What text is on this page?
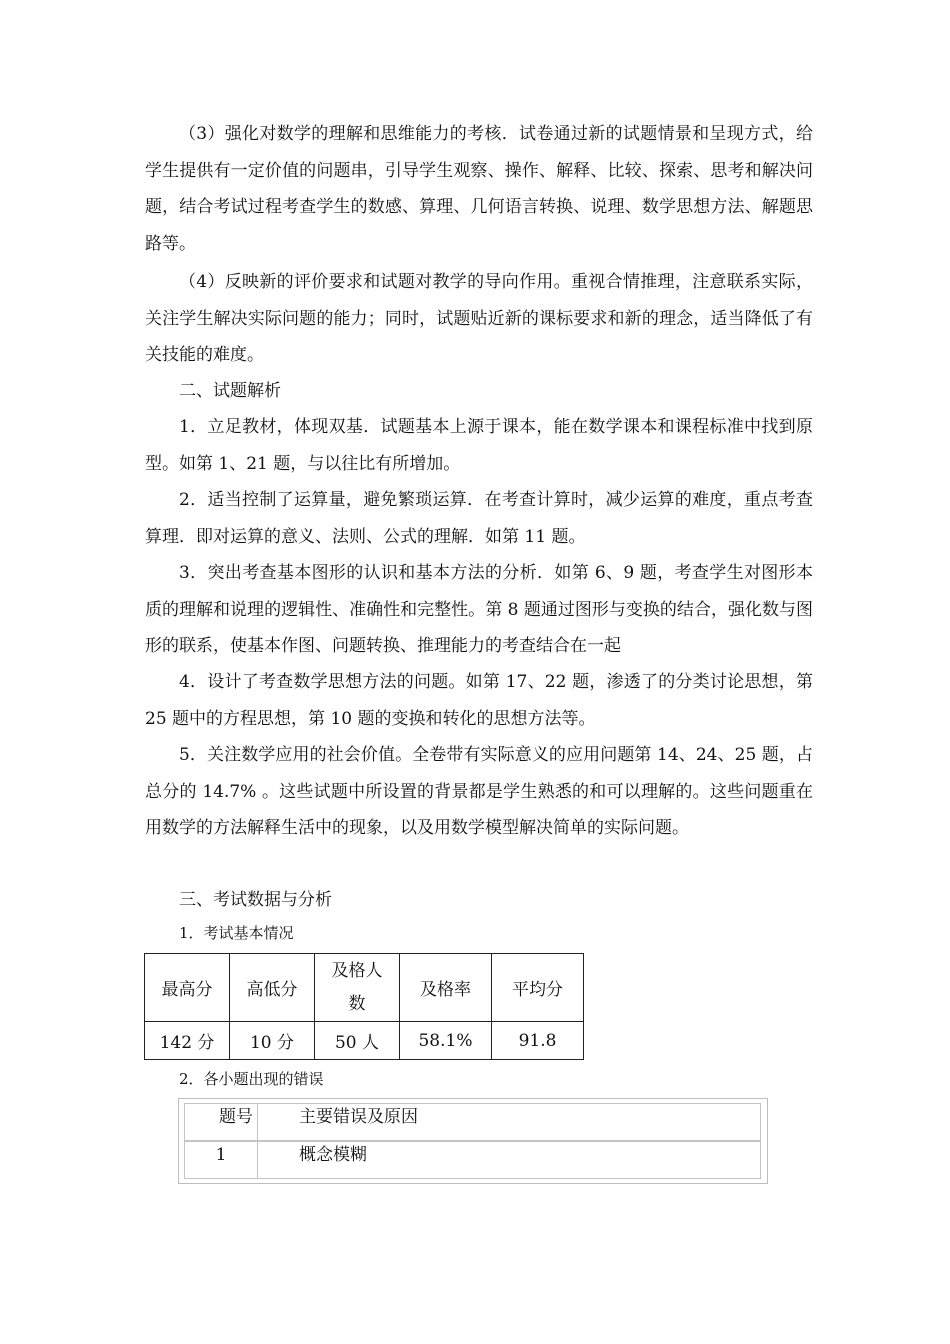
（3）强化对数学的理解和思维能力的考核．试卷通过新的试题情景和呈现方式，给学生提供有一定价值的问题串，引导学生观察、操作、解释、比较、探索、思考和解决问题，结合考试过程考查学生的数感、算理、几何语言转换、说理、数学思想方法、解题思路等。

（4）反映新的评价要求和试题对教学的导向作用。重视合情推理，注意联系实际，关注学生解决实际问题的能力；同时，试题贴近新的课标要求和新的理念，适当降低了有关技能的难度。

二、试题解析

1．立足教材，体现双基．试题基本上源于课本，能在数学课本和课程标准中找到原型。如第 1、21 题，与以往比有所增加。

2．适当控制了运算量，避免繁琐运算．在考查计算时，减少运算的难度，重点考查算理．即对运算的意义、法则、公式的理解．如第 11 题。

3．突出考查基本图形的认识和基本方法的分析．如第 6、9 题，考查学生对图形本质的理解和说理的逻辑性、准确性和完整性。第 8 题通过图形与变换的结合，强化数与图形的联系，使基本作图、问题转换、推理能力的考查结合在一起

4．设计了考查数学思想方法的问题。如第 17、22 题，渗透了的分类讨论思想，第 25 题中的方程思想，第 10 题的变换和转化的思想方法等。

5．关注数学应用的社会价值。全卷带有实际意义的应用问题第 14、24、25 题，占总分的 14.7% 。这些试题中所设置的背景都是学生熟悉的和可以理解的。这些问题重在用数学的方法解释生活中的现象，以及用数学模型解决简单的实际问题。

三、考试数据与分析

1．考试基本情况

最高分	高低分	及格人数	及格率	平均分
142 分	10 分	50 人	58.1%	91.8

2．各小题出现的错误

题号	主要错误及原因
1	概念模糊
